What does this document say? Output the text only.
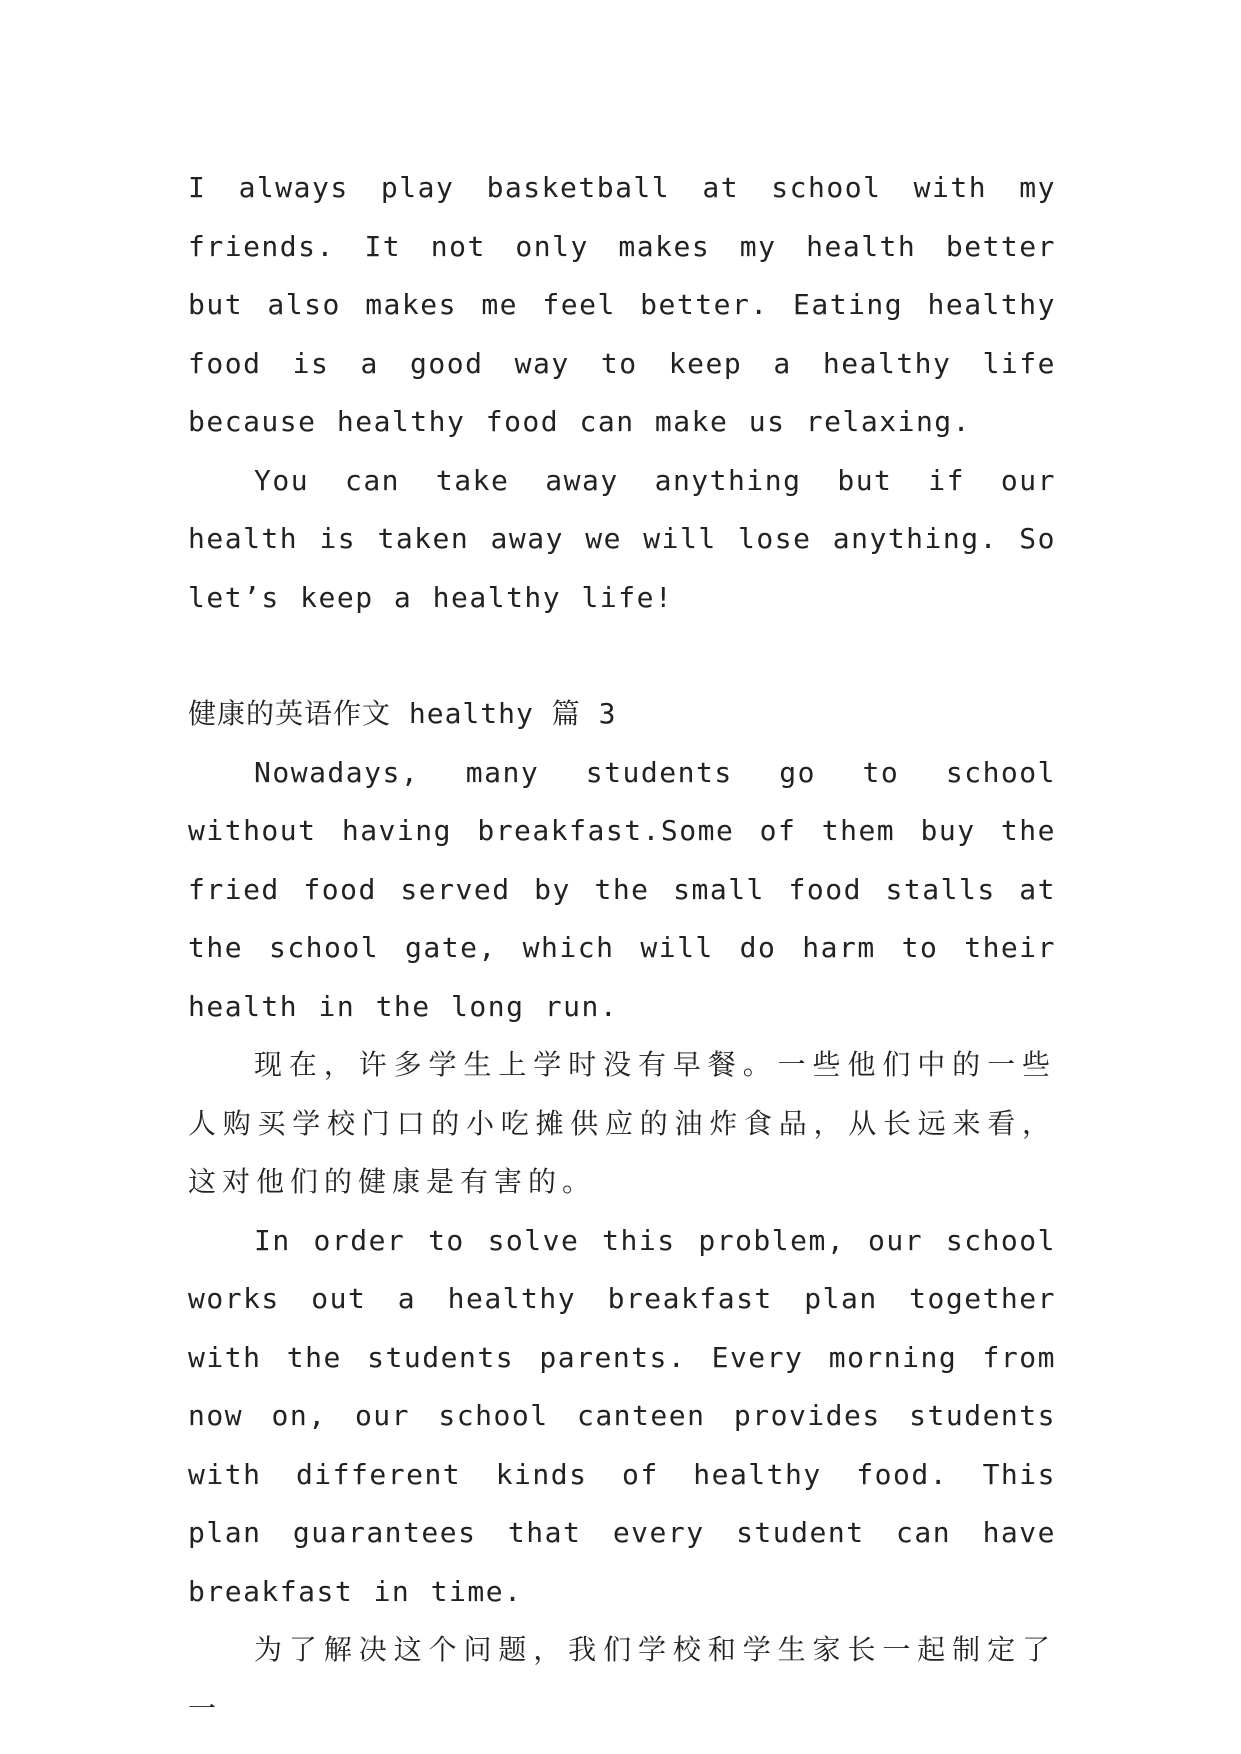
I always play basketball at school with my friends. It not only makes my health better but also makes me feel better. Eating healthy food is a good way to keep a healthy life because healthy food can make us relaxing.

You can take away anything but if our health is taken away we will lose anything. So let’s keep a healthy life!

健康的英语作文 healthy 篇 3

Nowadays, many students go to school without having breakfast.Some of them buy the fried food served by the small food stalls at the school gate, which will do harm to their health in the long run.

现在，许多学生上学时没有早餐。一些他们中的一些人购买学校门口的小吃摊供应的油炸食品，从长远来看，这对他们的健康是有害的。

In order to solve this problem, our school works out a healthy breakfast plan together with the students parents. Every morning from now on, our school canteen provides students with different kinds of healthy food. This plan guarantees that every student can have breakfast in time.

为了解决这个问题，我们学校和学生家长一起制定了一
